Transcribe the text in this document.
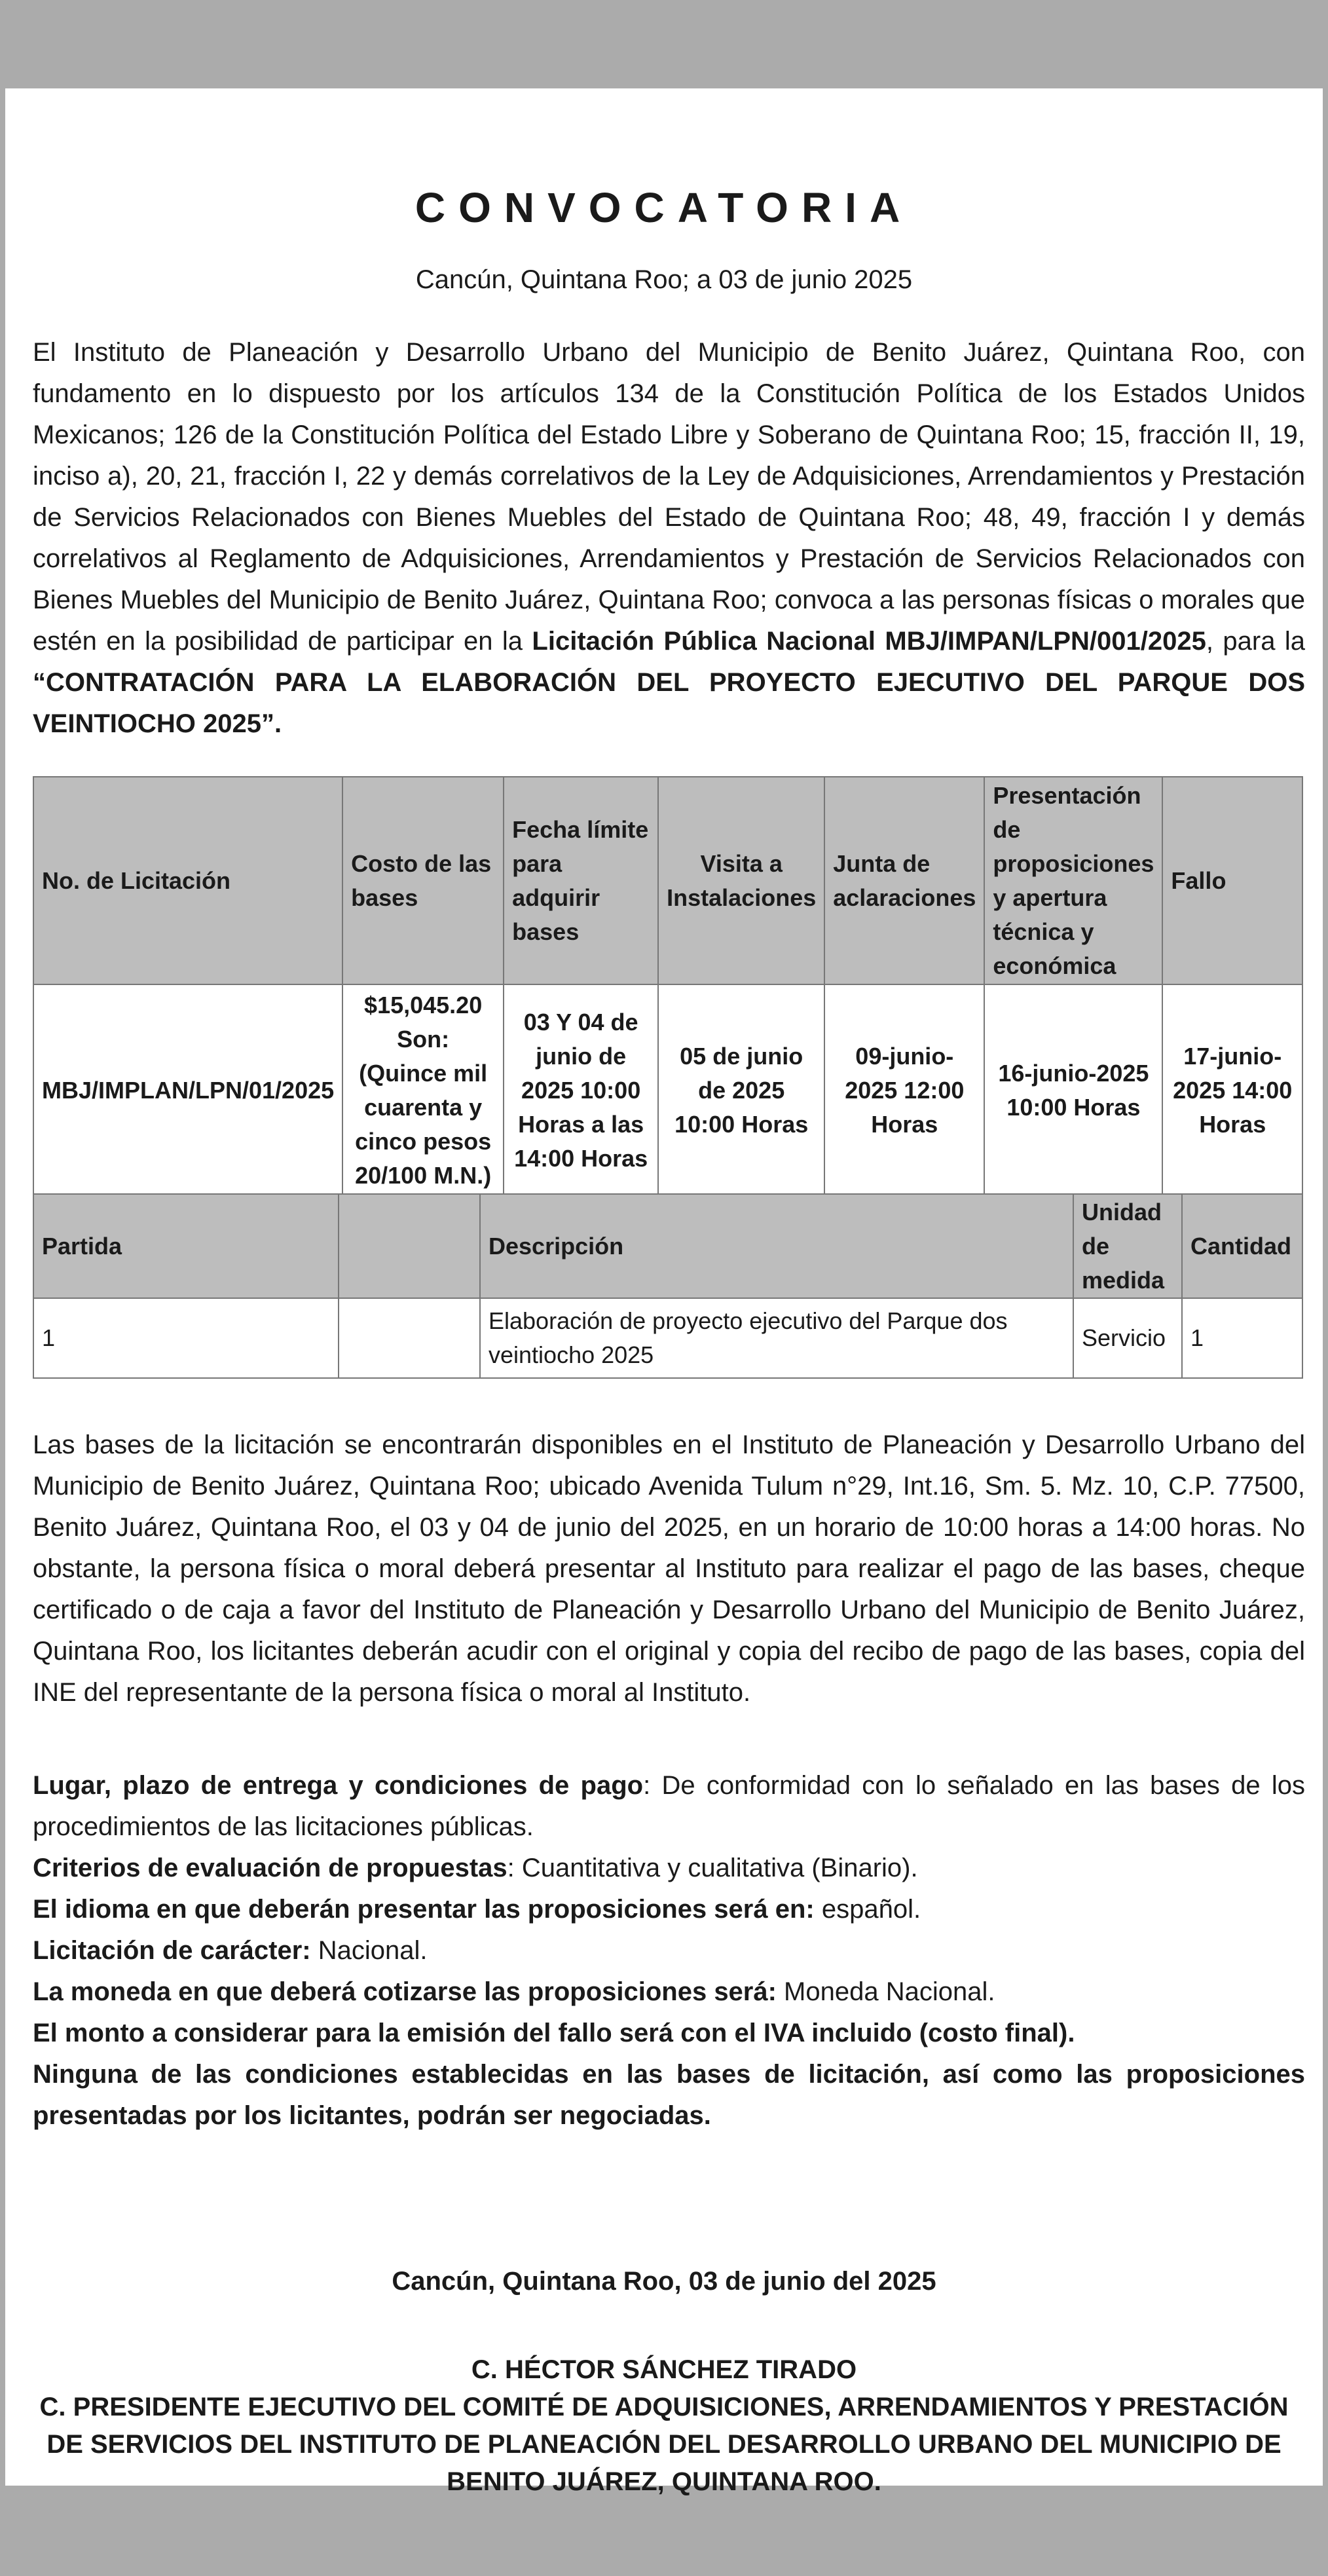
CONVOCATORIA
Cancún, Quintana Roo; a 03 de junio 2025
El Instituto de Planeación y Desarrollo Urbano del Municipio de Benito Juárez, Quintana Roo, con fundamento en lo dispuesto por los artículos 134 de la Constitución Política de los Estados Unidos Mexicanos; 126 de la Constitución Política del Estado Libre y Soberano de Quintana Roo; 15, fracción II, 19, inciso a), 20, 21, fracción I, 22 y demás correlativos de la Ley de Adquisiciones, Arrendamientos y Prestación de Servicios Relacionados con Bienes Muebles del Estado de Quintana Roo; 48, 49, fracción I y demás correlativos al Reglamento de Adquisiciones, Arrendamientos y Prestación de Servicios Relacionados con Bienes Muebles del Municipio de Benito Juárez, Quintana Roo; convoca a las personas físicas o morales que estén en la posibilidad de participar en la Licitación Pública Nacional MBJ/IMPAN/LPN/001/2025, para la “CONTRATACIÓN PARA LA ELABORACIÓN DEL PROYECTO EJECUTIVO DEL PARQUE DOS VEINTIOCHO 2025”.
No. de Licitación	Costo de las bases	Fecha límite para adquirir bases	Visita a Instalaciones	Junta de aclaraciones	Presentación de proposiciones y apertura técnica y económica	Fallo
MBJ/IMPLAN/LPN/01/2025	$15,045.20 Son: (Quince mil cuarenta y cinco pesos 20/100 M.N.)	03 Y 04 de junio de 2025 10:00 Horas a las 14:00 Horas	05 de junio de 2025 10:00 Horas	09-junio-2025 12:00 Horas	16-junio-2025 10:00 Horas	17-junio-2025 14:00 Horas
Partida		Descripción	Unidad de medida	Cantidad
1		Elaboración de proyecto ejecutivo del Parque dos veintiocho 2025	Servicio	1
Las bases de la licitación se encontrarán disponibles en el Instituto de Planeación y Desarrollo Urbano del Municipio de Benito Juárez, Quintana Roo; ubicado Avenida Tulum n°29, Int.16, Sm. 5. Mz. 10, C.P. 77500, Benito Juárez, Quintana Roo, el 03 y 04 de junio del 2025, en un horario de 10:00 horas a 14:00 horas. No obstante, la persona física o moral deberá presentar al Instituto para realizar el pago de las bases, cheque certificado o de caja a favor del Instituto de Planeación y Desarrollo Urbano del Municipio de Benito Juárez, Quintana Roo, los licitantes deberán acudir con el original y copia del recibo de pago de las bases, copia del INE del representante de la persona física o moral al Instituto.
Lugar, plazo de entrega y condiciones de pago: De conformidad con lo señalado en las bases de los procedimientos de las licitaciones públicas.
Criterios de evaluación de propuestas: Cuantitativa y cualitativa (Binario).
El idioma en que deberán presentar las proposiciones será en: español.
Licitación de carácter: Nacional.
La moneda en que deberá cotizarse las proposiciones será: Moneda Nacional.
El monto a considerar para la emisión del fallo será con el IVA incluido (costo final).
Ninguna de las condiciones establecidas en las bases de licitación, así como las proposiciones presentadas por los licitantes, podrán ser negociadas.
Cancún, Quintana Roo, 03 de junio del 2025
C. HÉCTOR SÁNCHEZ TIRADO
C. PRESIDENTE EJECUTIVO DEL COMITÉ DE ADQUISICIONES, ARRENDAMIENTOS Y PRESTACIÓN DE SERVICIOS DEL INSTITUTO DE PLANEACIÓN DEL DESARROLLO URBANO DEL MUNICIPIO DE BENITO JUÁREZ, QUINTANA ROO.
